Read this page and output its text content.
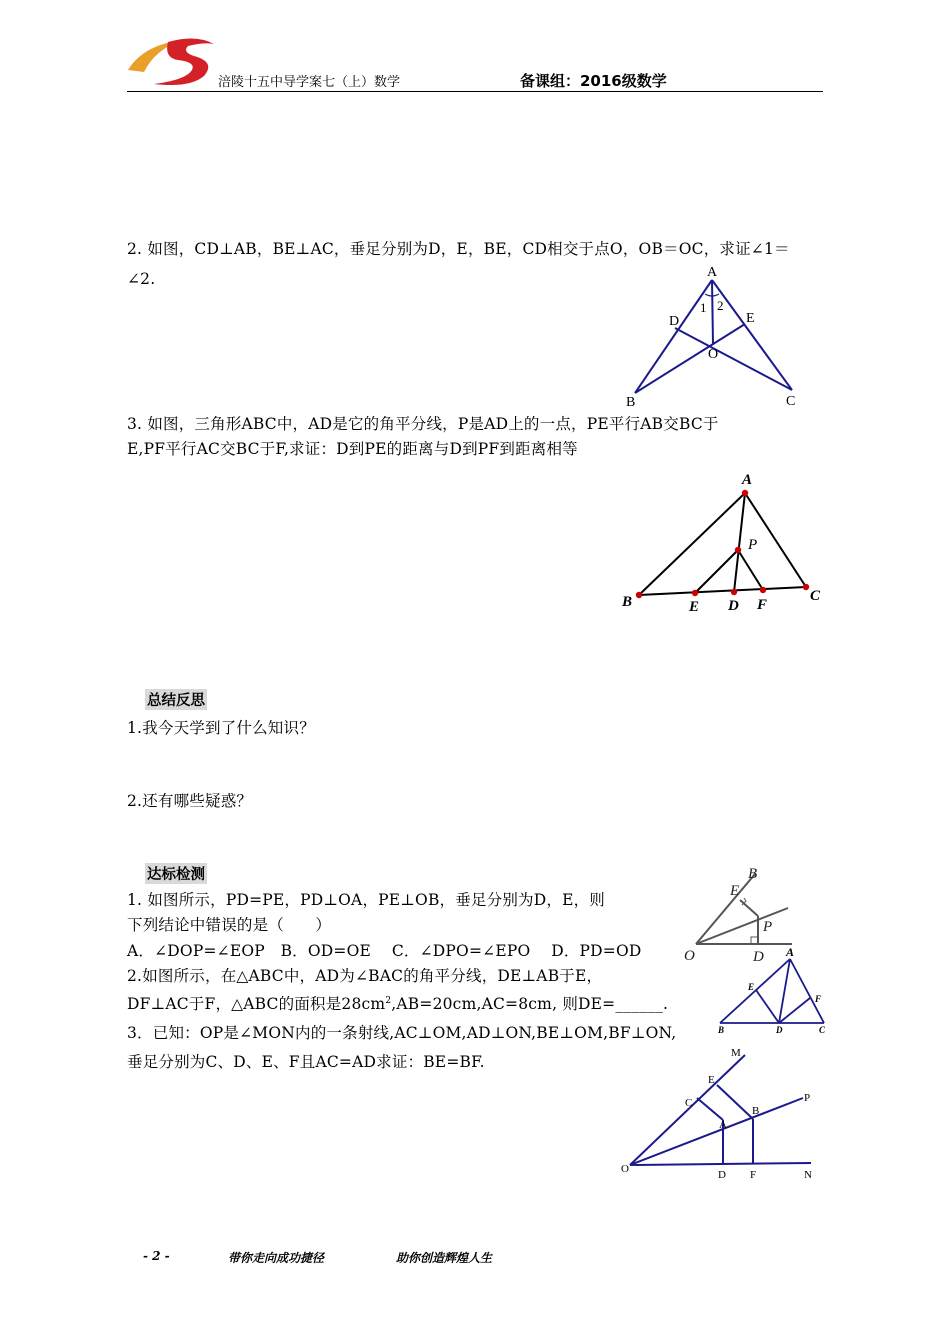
涪陵十五中导学案七（上）数学	备课组：2016级数学
2. 如图，CD⊥AB，BE⊥AC，垂足分别为D，E，BE，CD相交于点O，OB＝OC，求证∠1＝
∠2.	A
B	C
D	E
O
1 2
3. 如图，三角形ABC中，AD是它的角平分线，P是AD上的一点，PE平行AB交BC于
E,PF平行AC交BC于F,求证：D到PE的距离与D到PF到距离相等
A
B	C
E D F
P
总结反思
1.我今天学到了什么知识？
2.还有哪些疑惑？
达标检测
1. 如图所示，PD=PE，PD⊥OA，PE⊥OB，垂足分别为D，E，则
下列结论中错误的是（　　）
A．∠DOP=∠EOP　B．OD=OE　 C．∠DPO=∠EPO　 D．PD=OD
2.如图所示，在△ABC中，AD为∠BAC的角平分线，DE⊥AB于E，
DF⊥AC于F，△ABC的面积是$28cm^2,AB=20cm,AC=8cm$, 则DE=______.
3．已知：OP是∠MON内的一条射线,AC⊥OM,AD⊥ON,BE⊥OM,BF⊥ON,
垂足分别为C、D、E、F且AC=AD求证：BE=BF.
B
E
P
O	D A
E
F
B	D	C
M
E
C
A
B
P
O	D F	N
- 2 -	带你走向成功捷径	助你创造辉煌人生
